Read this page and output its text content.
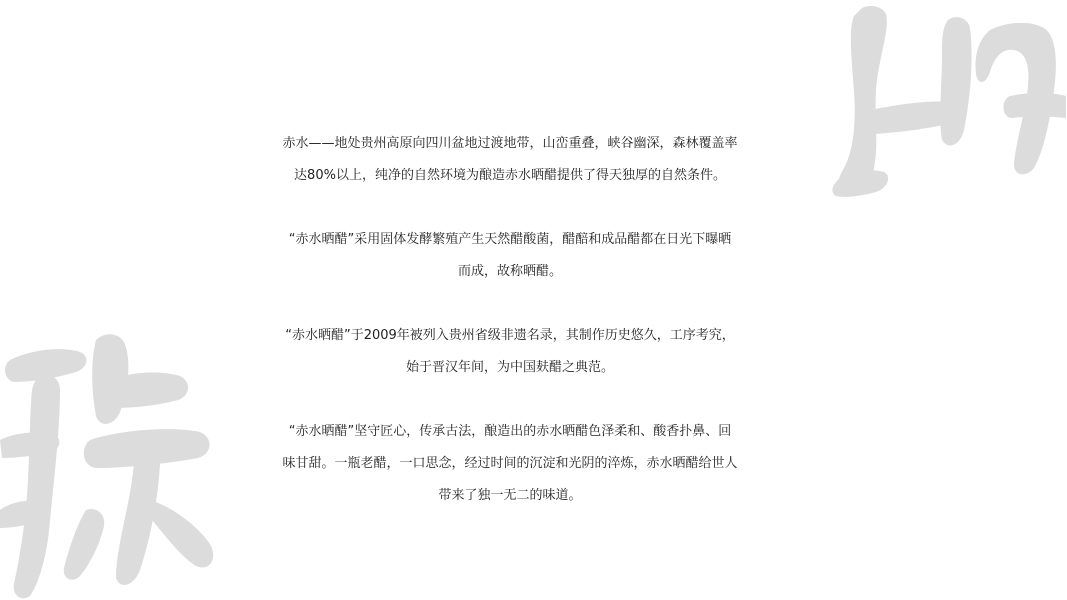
赤水——地处贵州高原向四川盆地过渡地带，山峦重叠，峡谷幽深，森林覆盖率
达80%以上，纯净的自然环境为酿造赤水晒醋提供了得天独厚的自然条件。

“赤水晒醋”采用固体发酵繁殖产生天然醋酸菌，醋醅和成品醋都在日光下曝晒
而成，故称晒醋。

“赤水晒醋”于2009年被列入贵州省级非遗名录，其制作历史悠久，工序考究，
始于晋汉年间，为中国麸醋之典范。

“赤水晒醋”坚守匠心，传承古法，酿造出的赤水晒醋色泽柔和、酸香扑鼻、回
味甘甜。一瓶老醋，一口思念，经过时间的沉淀和光阴的淬炼，赤水晒醋给世人
带来了独一无二的味道。
